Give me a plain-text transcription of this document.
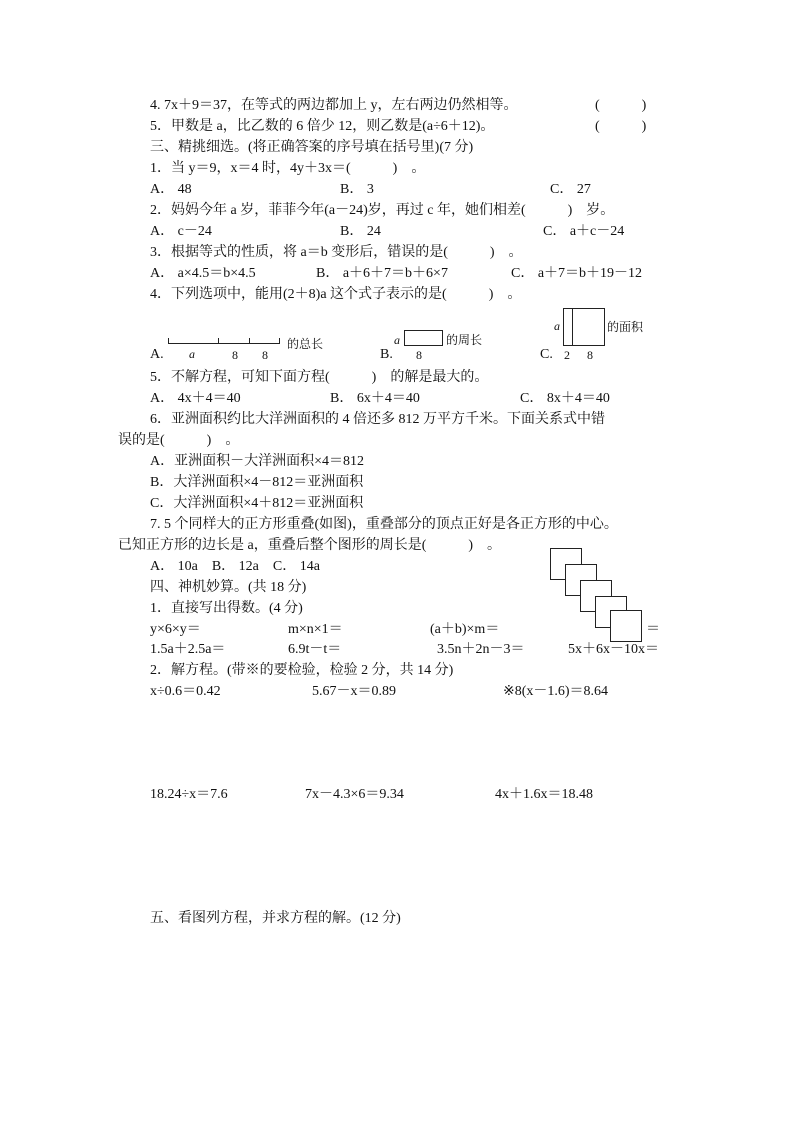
4. 7x＋9＝37，在等式的两边都加上 y，左右两边仍然相等。	(　　　)
5．甲数是 a，比乙数的 6 倍少 12，则乙数是(a÷6＋12)。	(　　　)
三、精挑细选。(将正确答案的序号填在括号里)(7 分)
1．当 y＝9，x＝4 时，4y＋3x＝(　　　)　。
A． 48	B． 3	C． 27
2．妈妈今年 a 岁，菲菲今年(a－24)岁，再过 c 年，她们相差(　　　)　岁。
A． c－24	B． 24	C． a＋c－24
3．根据等式的性质，将 a＝b 变形后，错误的是(　　　)　。
A． a×4.5＝b×4.5	B． a＋6＋7＝b＋6×7	C． a＋7＝b＋19－12
4．下列选项中，能用(2＋8)a 这个式子表示的是(　　　)　。
A. a	8 8
的总长
B.
a
8
的周长
C.
a
2 8
的面积
5．不解方程，可知下面方程(　　　)　的解是最大的。
A． 4x＋4＝40	B． 6x＋4＝40	C． 8x＋4＝40
6．亚洲面积约比大洋洲面积的 4 倍还多 812 万平方千米。下面关系式中错
误的是(　　　)　。
A．亚洲面积－大洋洲面积×4＝812
B．大洋洲面积×4－812＝亚洲面积
C．大洋洲面积×4＋812＝亚洲面积
7. 5 个同样大的正方形重叠(如图)，重叠部分的顶点正好是各正方形的中心。
已知正方形的边长是 a，重叠后整个图形的周长是(　　　)　。
A． 10a　B． 12a　C． 14a
四、神机妙算。(共 18 分)
1．直接写出得数。(4 分)
y×6×y＝	m×n×1＝	(a＋b)×m＝	＝
1.5a＋2.5a＝	6.9t－t＝	3.5n＋2n－3＝	5x＋6x－10x＝
2．解方程。(带※的要检验，检验 2 分，共 14 分)
x÷0.6＝0.42	5.67－x＝0.89	※8(x－1.6)＝8.64
18.24÷x＝7.6	7x－4.3×6＝9.34	4x＋1.6x＝18.48
五、看图列方程，并求方程的解。(12 分)
